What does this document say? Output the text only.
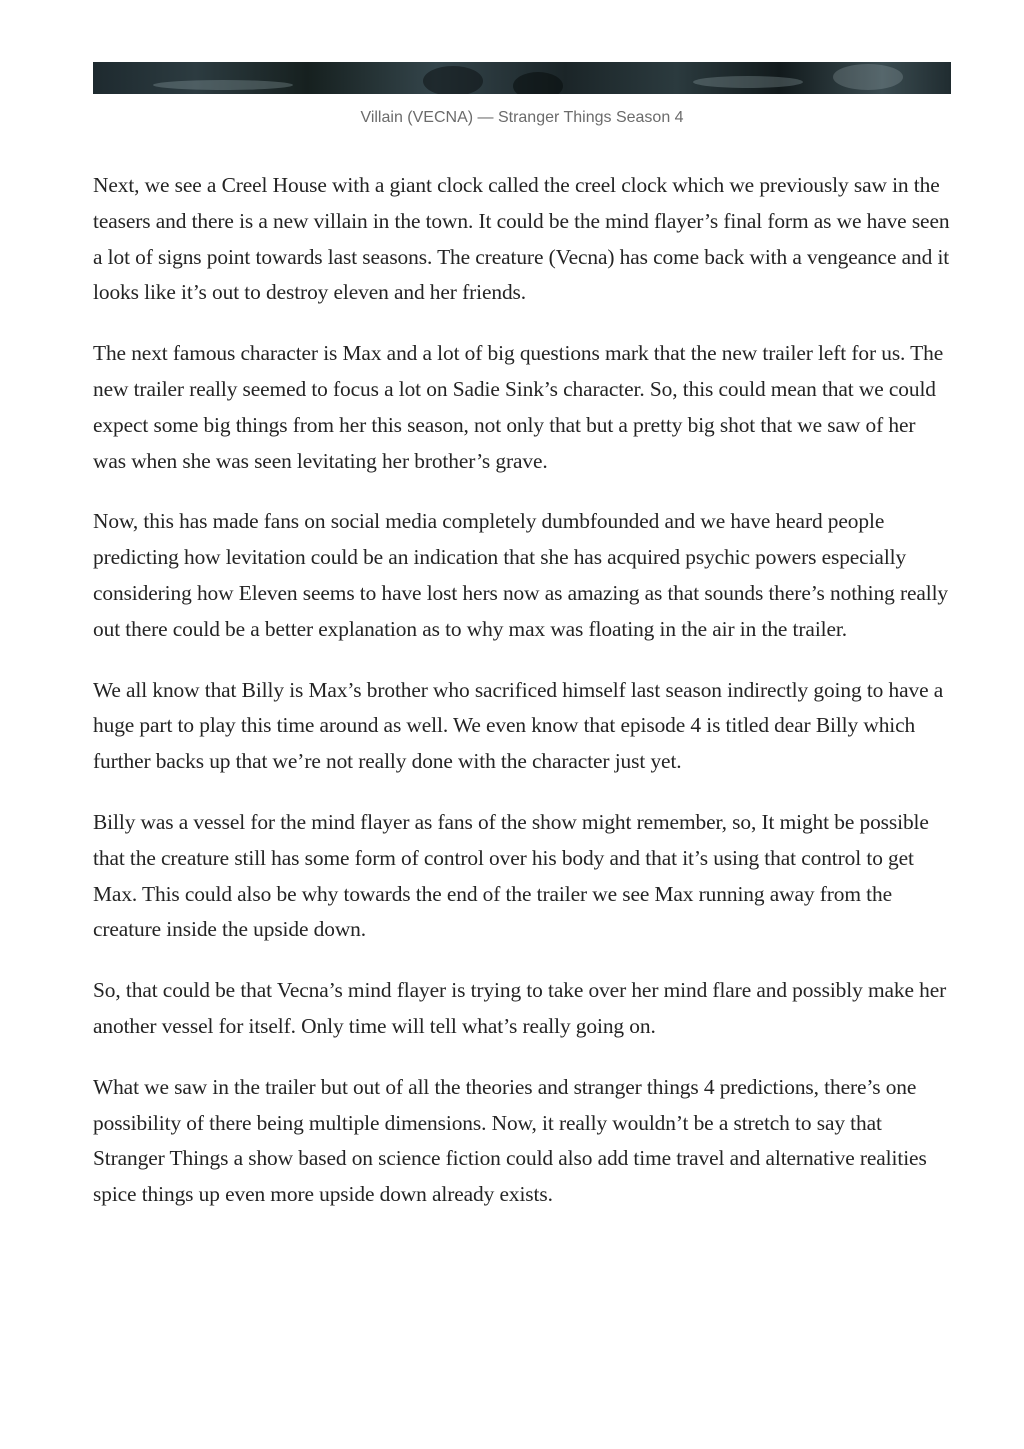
Villain (VECNA) — Stranger Things Season 4

Next, we see a Creel House with a giant clock called the creel clock which we previously saw in the teasers and there is a new villain in the town. It could be the mind flayer’s final form as we have seen a lot of signs point towards last seasons. The creature (Vecna) has come back with a vengeance and it looks like it’s out to destroy eleven and her friends.

The next famous character is Max and a lot of big questions mark that the new trailer left for us. The new trailer really seemed to focus a lot on Sadie Sink’s character. So, this could mean that we could expect some big things from her this season, not only that but a pretty big shot that we saw of her was when she was seen levitating her brother’s grave.

Now, this has made fans on social media completely dumbfounded and we have heard people predicting how levitation could be an indication that she has acquired psychic powers especially considering how Eleven seems to have lost hers now as amazing as that sounds there’s nothing really out there could be a better explanation as to why max was floating in the air in the trailer.

We all know that Billy is Max’s brother who sacrificed himself last season indirectly going to have a huge part to play this time around as well. We even know that episode 4 is titled dear Billy which further backs up that we’re not really done with the character just yet.

Billy was a vessel for the mind flayer as fans of the show might remember, so, It might be possible that the creature still has some form of control over his body and that it’s using that control to get Max. This could also be why towards the end of the trailer we see Max running away from the creature inside the upside down.

So, that could be that Vecna’s mind flayer is trying to take over her mind flare and possibly make her another vessel for itself. Only time will tell what’s really going on.

What we saw in the trailer but out of all the theories and stranger things 4 predictions, there’s one possibility of there being multiple dimensions. Now, it really wouldn’t be a stretch to say that Stranger Things a show based on science fiction could also add time travel and alternative realities spice things up even more upside down already exists.
